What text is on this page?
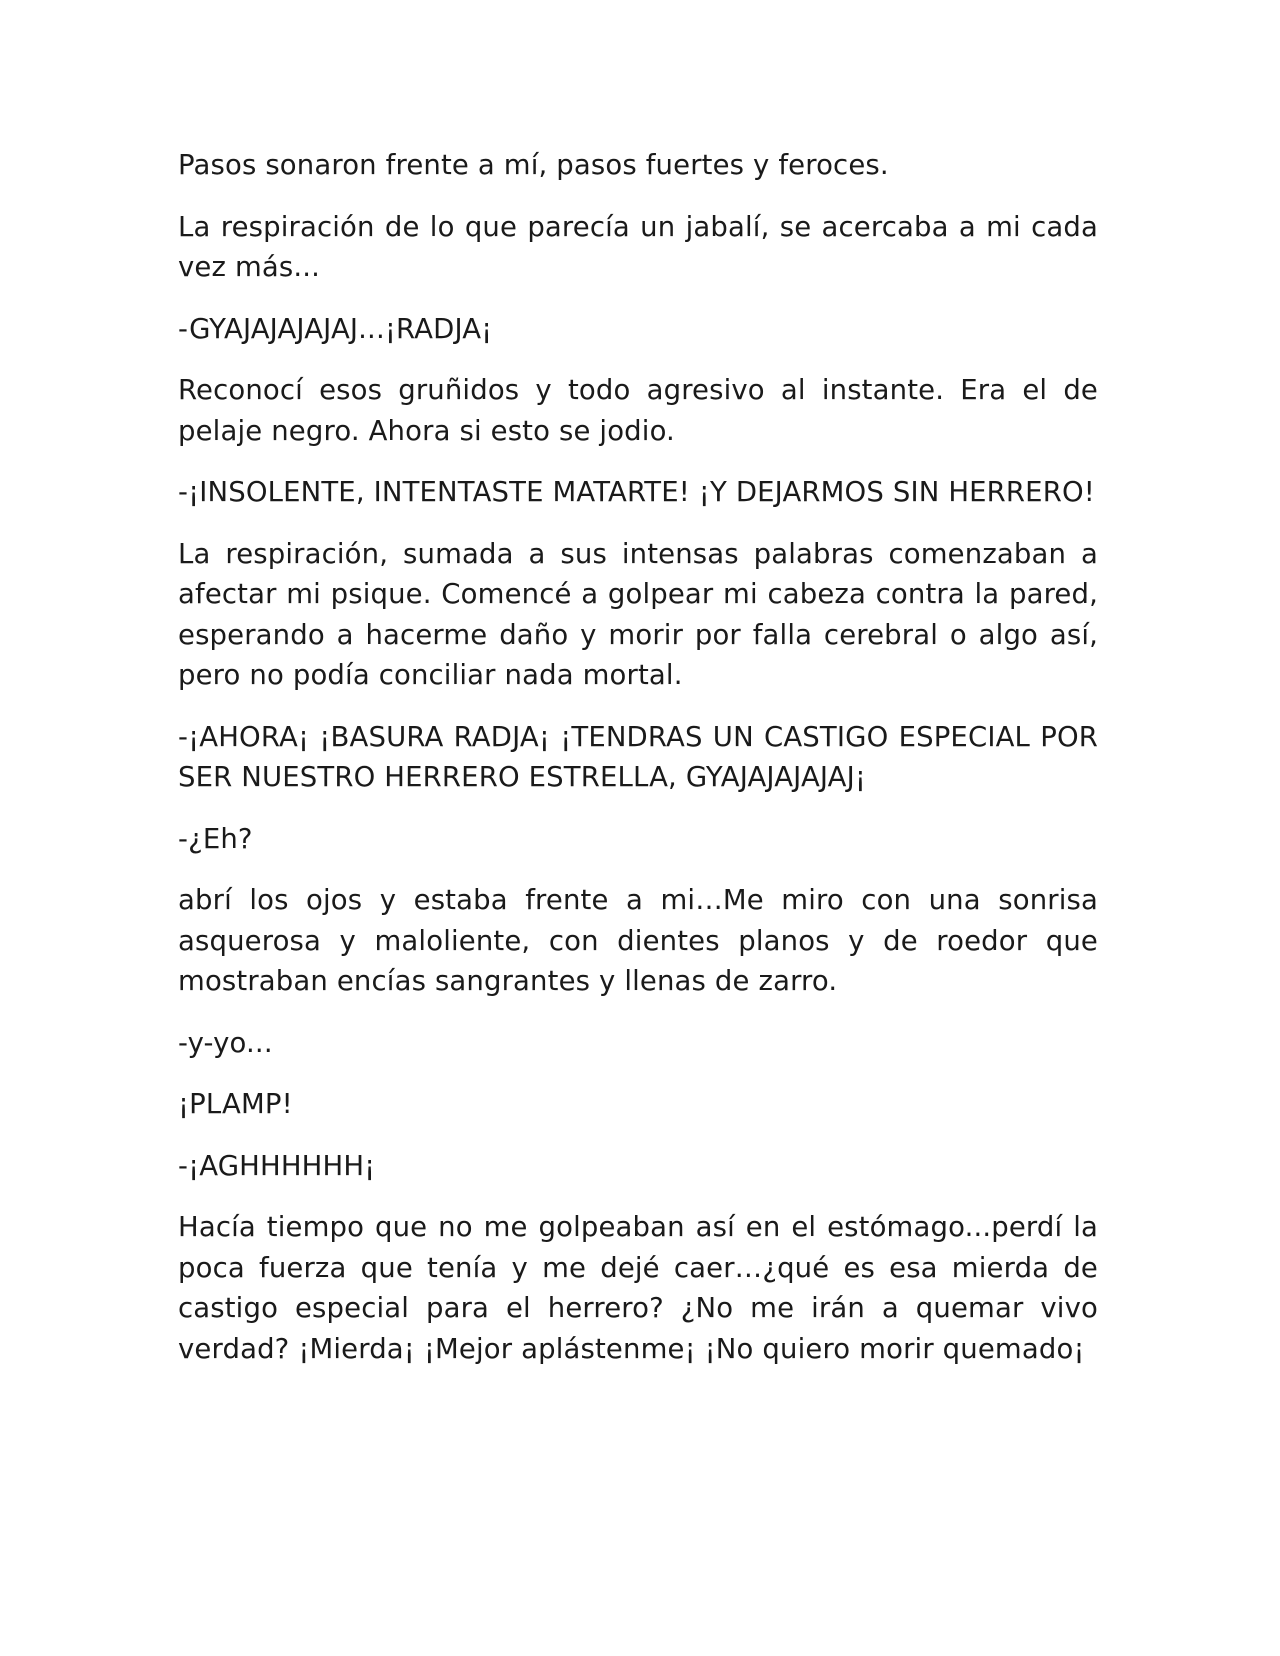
Pasos sonaron frente a mí, pasos fuertes y feroces.

La respiración de lo que parecía un jabalí, se acercaba a mi cada vez más...

-GYAJAJAJAJAJ...¡RADJA¡

Reconocí esos gruñidos y todo agresivo al instante. Era el de pelaje negro. Ahora si esto se jodio.

-¡INSOLENTE, INTENTASTE MATARTE! ¡Y DEJARMOS SIN HERRERO!

La respiración, sumada a sus intensas palabras comenzaban a afectar mi psique. Comencé a golpear mi cabeza contra la pared, esperando a hacerme daño y morir por falla cerebral o algo así, pero no podía conciliar nada mortal.

-¡AHORA¡ ¡BASURA RADJA¡ ¡TENDRAS UN CASTIGO ESPECIAL POR SER NUESTRO HERRERO ESTRELLA, GYAJAJAJAJAJ¡

-¿Eh?

abrí los ojos y estaba frente a mi…Me miro con una sonrisa asquerosa y maloliente, con dientes planos y de roedor que mostraban encías sangrantes y llenas de zarro.

-y-yo...

¡PLAMP!

-¡AGHHHHHH¡

Hacía tiempo que no me golpeaban así en el estómago...perdí la poca fuerza que tenía y me dejé caer…¿qué es esa mierda de castigo especial para el herrero? ¿No me irán a quemar vivo verdad? ¡Mierda¡ ¡Mejor aplástenme¡ ¡No quiero morir quemado¡
